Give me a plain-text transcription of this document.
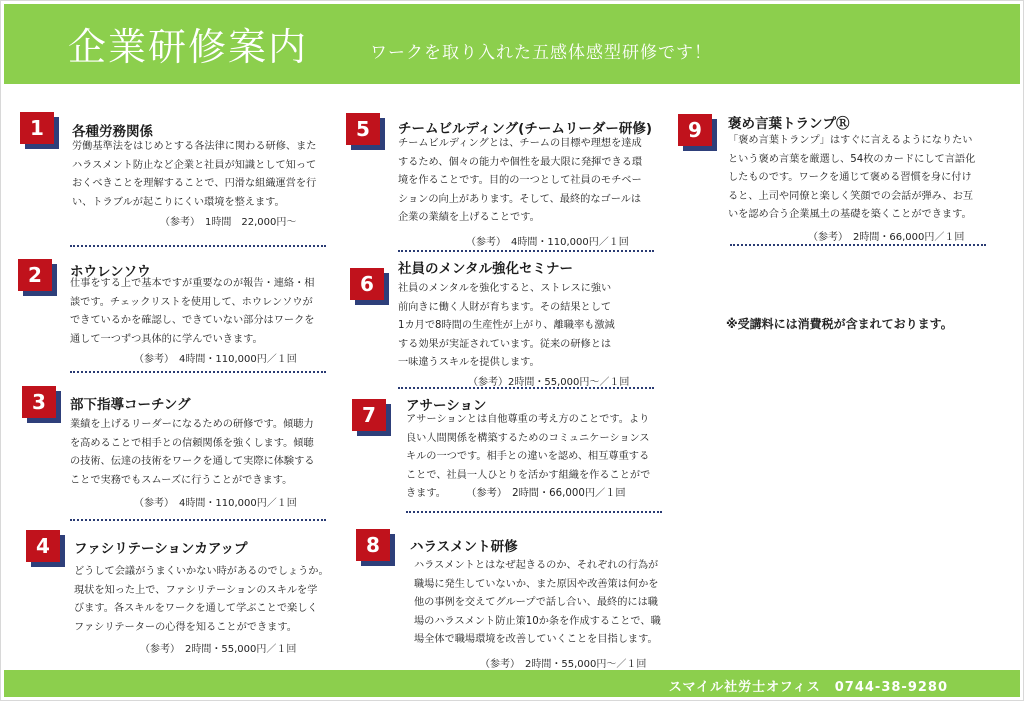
企業研修案内	ワークを取り入れた五感体感型研修です！
1	各種労務関係
労働基準法をはじめとする各法律に関わる研修、また
ハラスメント防止など企業と社員が知識として知って
おくべきことを理解することで、円滑な組織運営を行
い、トラブルが起こりにくい環境を整えます。
（参考）　1時間　22,000円～
2	ホウレンソウ
仕事をする上で基本ですが重要なのが報告・連絡・相
談です。チェックリストを使用して、ホウレンソウが
できているかを確認し、できていない部分はワークを
通して一つずつ具体的に学んでいきます。
（参考）　4時間・110,000円／１回
3	部下指導コーチング
業績を上げるリーダーになるための研修です。傾聴力
を高めることで相手との信頼関係を強くします。傾聴
の技術、伝達の技術をワークを通して実際に体験する
ことで実務でもスムーズに行うことができます。
（参考）　4時間・110,000円／１回
4	ファシリテーションカアップ
どうして会議がうまくいかない時があるのでしょうか。
現状を知った上で、ファシリテーションのスキルを学
びます。各スキルをワークを通して学ぶことで楽しく
ファシリテーターの心得を知ることができます。
（参考）　2時間・55,000円／１回
5	チームビルディング(チームリーダー研修)
チームビルディングとは、チームの目標や理想を達成
するため、個々の能力や個性を最大限に発揮できる環
境を作ることです。目的の一つとして社員のモチベー
ションの向上があります。そして、最終的なゴールは
企業の業績を上げることです。
（参考）　4時間・110,000円／１回
6
社員のメンタル強化セミナー
社員のメンタルを強化すると、ストレスに強い
前向きに働く人財が育ちます。その結果として
1カ月で8時間の生産性が上がり、離職率も激減
する効果が実証されています。従来の研修とは
一味違うスキルを提供します。
（参考）2時間・55,000円～／１回
7	アサーション
アサーションとは自他尊重の考え方のことです。より
良い人間関係を構築するためのコミュニケーションス
キルの一つです。相手との違いを認め、相互尊重する
ことで、社員一人ひとりを活かす組織を作ることがで
きます。　　　（参考）　2時間・66,000円／１回
8	ハラスメント研修
ハラスメントとはなぜ起きるのか、それぞれの行為が
職場に発生していないか、また原因や改善策は何かを
他の事例を交えてグループで話し合い、最終的には職
場のハラスメント防止策10か条を作成することで、職
場全体で職場環境を改善していくことを目指します。
（参考）　2時間・55,000円～／１回
9	褒め言葉トランプⓇ
「褒め言葉トランプ」はすぐに言えるようになりたい
という褒め言葉を厳選し、54枚のカードにして言語化
したものです。ワークを通じて褒める習慣を身に付け
ると、上司や同僚と楽しく笑顔での会話が弾み、お互
いを認め合う企業風土の基礎を築くことができます。
（参考）　2時間・66,000円／１回
※受講料には消費税が含まれております。
スマイル社労士オフィス　0744-38-9280
